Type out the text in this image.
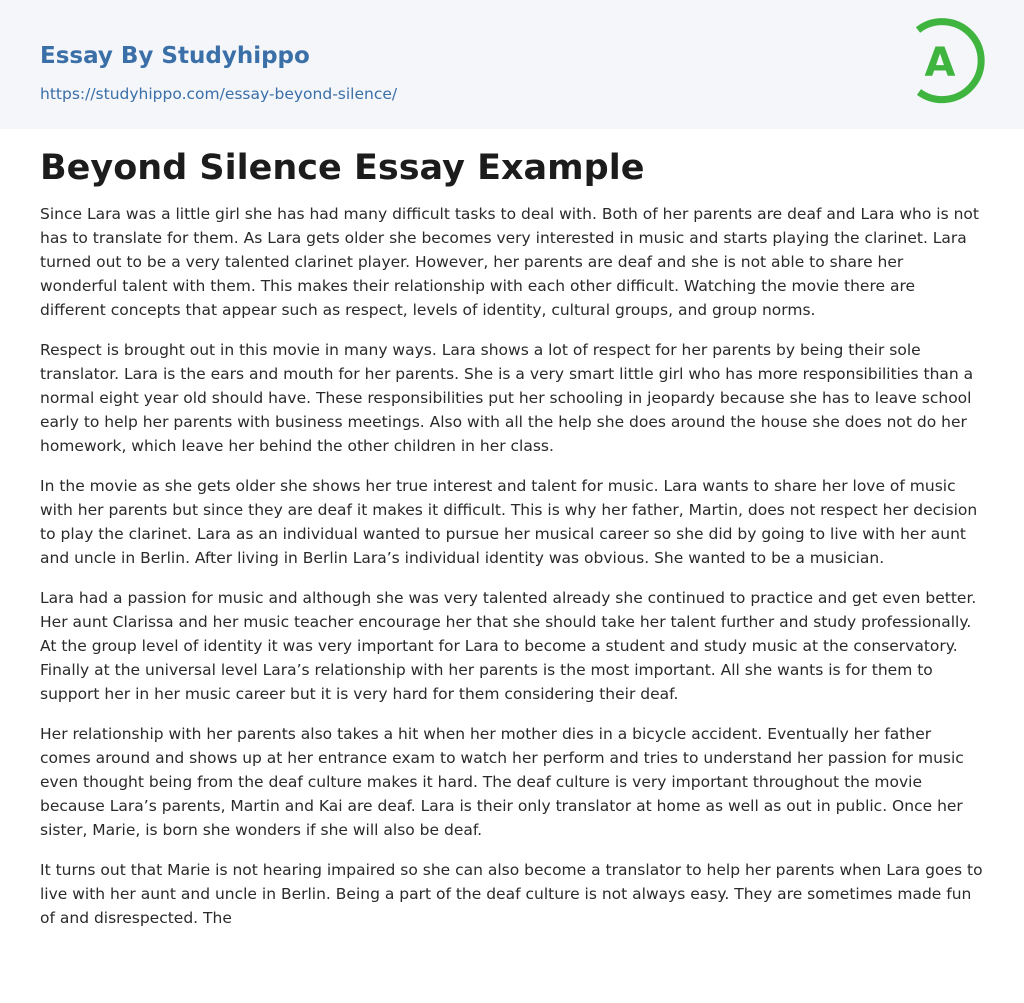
Essay By Studyhippo
https://studyhippo.com/essay-beyond-silence/
A
Beyond Silence Essay Example

Since Lara was a little girl she has had many difficult tasks to deal with. Both of her parents are deaf and Lara who is not has to translate for them. As Lara gets older she becomes very interested in music and starts playing the clarinet. Lara turned out to be a very talented clarinet player. However, her parents are deaf and she is not able to share her wonderful talent with them. This makes their relationship with each other difficult. Watching the movie there are different concepts that appear such as respect, levels of identity, cultural groups, and group norms.

Respect is brought out in this movie in many ways. Lara shows a lot of respect for her parents by being their sole translator. Lara is the ears and mouth for her parents. She is a very smart little girl who has more responsibilities than a normal eight year old should have. These responsibilities put her schooling in jeopardy because she has to leave school early to help her parents with business meetings. Also with all the help she does around the house she does not do her homework, which leave her behind the other children in her class.

In the movie as she gets older she shows her true interest and talent for music. Lara wants to share her love of music with her parents but since they are deaf it makes it difficult. This is why her father, Martin, does not respect her decision to play the clarinet. Lara as an individual wanted to pursue her musical career so she did by going to live with her aunt and uncle in Berlin. After living in Berlin Lara’s individual identity was obvious. She wanted to be a musician.

Lara had a passion for music and although she was very talented already she continued to practice and get even better. Her aunt Clarissa and her music teacher encourage her that she should take her talent further and study professionally. At the group level of identity it was very important for Lara to become a student and study music at the conservatory. Finally at the universal level Lara’s relationship with her parents is the most important. All she wants is for them to support her in her music career but it is very hard for them considering their deaf.

Her relationship with her parents also takes a hit when her mother dies in a bicycle accident. Eventually her father comes around and shows up at her entrance exam to watch her perform and tries to understand her passion for music even thought being from the deaf culture makes it hard. The deaf culture is very important throughout the movie because Lara’s parents, Martin and Kai are deaf. Lara is their only translator at home as well as out in public. Once her sister, Marie, is born she wonders if she will also be deaf.

It turns out that Marie is not hearing impaired so she can also become a translator to help her parents when Lara goes to live with her aunt and uncle in Berlin. Being a part of the deaf culture is not always easy. They are sometimes made fun of and disrespected. The
